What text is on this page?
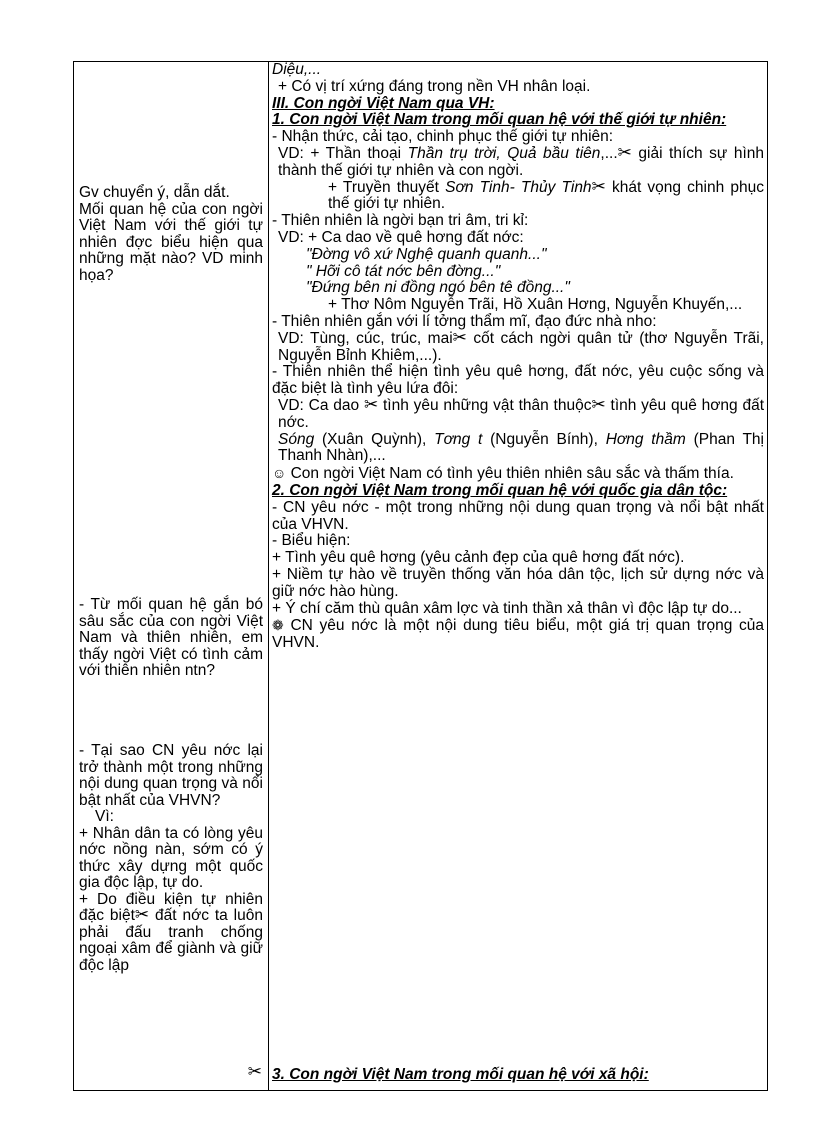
Gv chuyển ý, dẫn dắt.

Mối quan hệ của con ngời Việt Nam với thế giới tự nhiên đợc biểu hiện qua những mặt nào? VD minh họa?

- Từ mối quan hệ gắn bó sâu sắc của con ngời Việt Nam và thiên nhiên, em thấy ngời Việt có tình cảm với thiên nhiên ntn?

- Tại sao CN yêu nớc lại trở thành một trong những nội dung quan trọng và nổi bật nhất của VHVN?

Vì:

+ Nhân dân ta có lòng yêu nớc nồng nàn, sớm có ý thức xây dựng một quốc gia độc lập, tự do.

+ Do điều kiện tự nhiên đặc biệt✂ đất nớc ta luôn phải đấu tranh chống ngoại xâm để giành và giữ độc lập

✂

Diệu,...

+ Có vị trí xứng đáng trong nền VH nhân loại.

III. Con ngời Việt Nam qua VH:

1. Con ngời Việt Nam trong mối quan hệ với thế giới tự nhiên:

- Nhận thức, cải tạo, chinh phục thế giới tự nhiên:

VD: + Thần thoại Thần trụ trời, Quả bầu tiên,...✂ giải thích sự hình thành thế giới tự nhiên và con ngời.

+ Truyền thuyết Sơn Tinh- Thủy Tinh✂ khát vọng chinh phục thế giới tự nhiên.

- Thiên nhiên là ngời bạn tri âm, tri kỉ:

VD: + Ca dao về quê hơng đất nớc:

"Đờng vô xứ Nghệ quanh quanh..."

" Hỡi cô tát nớc bên đờng..."

"Đứng bên ni đồng ngó bên tê đồng..."

+ Thơ Nôm Nguyễn Trãi, Hồ Xuân Hơng, Nguyễn Khuyến,...

- Thiên nhiên gắn với lí tởng thẩm mĩ, đạo đức nhà nho:

VD: Tùng, cúc, trúc, mai✂ cốt cách ngời quân tử (thơ Nguyễn Trãi, Nguyễn Bỉnh Khiêm,...).

- Thiên nhiên thể hiện tình yêu quê hơng, đất nớc, yêu cuộc sống và đặc biệt là tình yêu lứa đôi:

VD: Ca dao ✂ tình yêu những vật thân thuộc✂ tình yêu quê hơng đất nớc.

Sóng (Xuân Quỳnh), Tơng t (Nguyễn Bính), Hơng thầm (Phan Thị Thanh Nhàn),...

☺ Con ngời Việt Nam có tình yêu thiên nhiên sâu sắc và thấm thía.

2. Con ngời Việt Nam trong mối quan hệ với quốc gia dân tộc:

- CN yêu nớc - một trong những nội dung quan trọng và nổi bật nhất của VHVN.

- Biểu hiện:

+ Tình yêu quê hơng (yêu cảnh đẹp của quê hơng đất nớc).

+ Niềm tự hào về truyền thống văn hóa dân tộc, lịch sử dựng nớc và giữ nớc hào hùng.

+ Ý chí căm thù quân xâm lợc và tinh thần xả thân vì độc lập tự do...

❁ CN yêu nớc là một nội dung tiêu biểu, một giá trị quan trọng của VHVN.

3. Con ngời Việt Nam trong mối quan hệ với xã hội:
